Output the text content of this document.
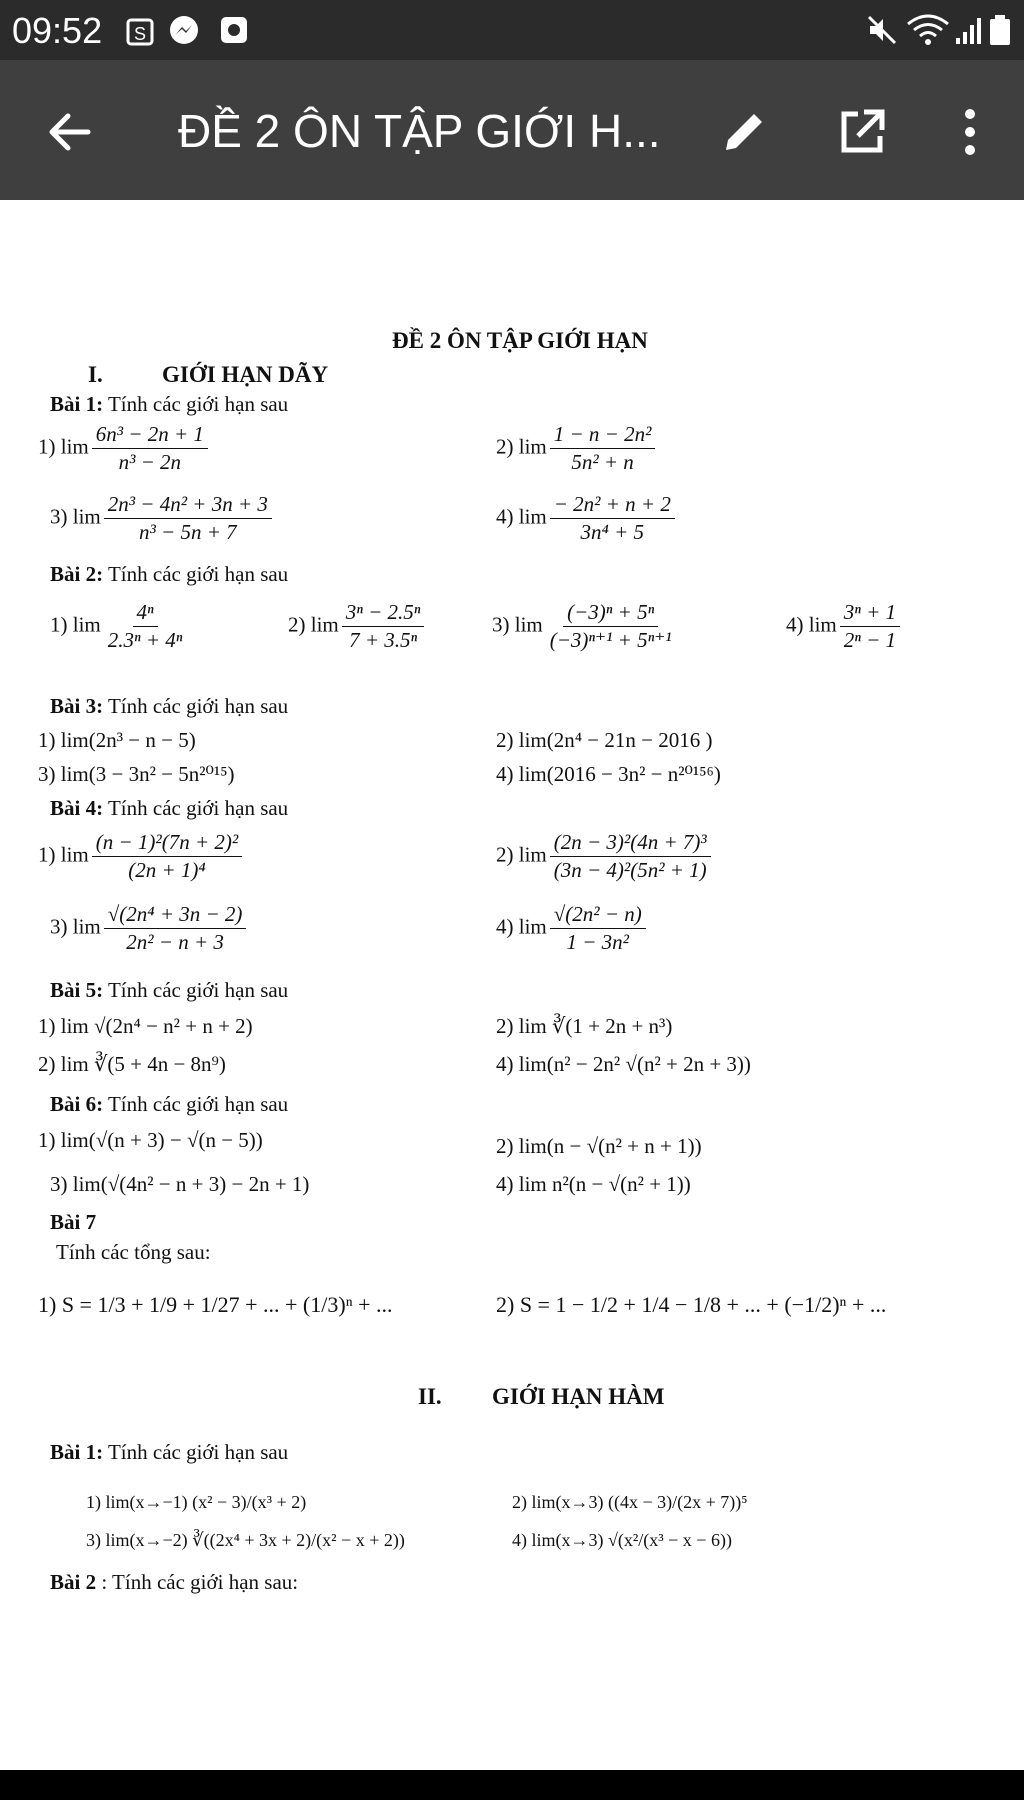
09:52 S
ĐỀ 2 ÔN TẬP GIỚI H...
ĐỀ 2 ÔN TẬP GIỚI HẠN
I.	GIỚI HẠN DÃY
Bài 1: Tính các giới hạn sau
1) $\lim \frac{\text{6n³ − 2n + 1}}{\text{n³ − 2n}}$	2) $\lim \frac{\text{1 − n − 2n²}}{\text{5n² + n}}$
3) $\lim \frac{\text{2n³ − 4n² + 3n + 3}}{\text{n³ − 5n + 7}}$	4) $\lim \frac{\text{− 2n² + n + 2}}{\text{3n⁴ + 5}}$
Bài 2: Tính các giới hạn sau
1) $\lim \frac{\text{4ⁿ}}{\text{2.3ⁿ + 4ⁿ}}$	2) $\lim \frac{\text{3ⁿ − 2.5ⁿ}}{\text{7 + 3.5ⁿ}}$	3) $\lim \frac{\text{(−3)ⁿ + 5ⁿ}}{\text{(−3)ⁿ⁺¹ + 5ⁿ⁺¹}}$	4) $\lim \frac{\text{3ⁿ + 1}}{\text{2ⁿ − 1}}$
Bài 3: Tính các giới hạn sau
1) lim(2n³ − n − 5)	2) lim(2n⁴ − 21n − 2016 )
3) lim(3 − 3n² − 5n²⁰¹⁵)	4) lim(2016 − 3n² − n²⁰¹⁵⁶)
Bài 4: Tính các giới hạn sau
1) $\lim \frac{\text{(n − 1)²(7n + 2)²}}{\text{(2n + 1)⁴}}$	2) $\lim \frac{\text{(2n − 3)²(4n + 7)³}}{\text{(3n − 4)²(5n² + 1)}}$
3) $\lim \frac{\text{√(2n⁴ + 3n − 2)}}{\text{2n² − n + 3}}$	4) $\lim \frac{\text{√(2n² − n)}}{\text{1 − 3n²}}$
Bài 5: Tính các giới hạn sau
1) lim √(2n⁴ − n² + n + 2)	2) lim ∛(1 + 2n + n³)
2) lim ∛(5 + 4n − 8n⁹)	4) lim(n² − 2n² √(n² + 2n + 3))
Bài 6: Tính các giới hạn sau
1) lim(√(n + 3) − √(n − 5))	2) lim(n − √(n² + n + 1))
3) lim(√(4n² − n + 3) − 2n + 1)	4) lim n²(n − √(n² + 1))
Bài 7
Tính các tổng sau:
1) S = 1/3 + 1/9 + 1/27 + ... + (1/3)ⁿ + ...	2) S = 1 − 1/2 + 1/4 − 1/8 + ... + (−1/2)ⁿ + ...
II. GIỚI HẠN HÀM
Bài 1: Tính các giới hạn sau
1) lim(x→−1) (x² − 3)/(x³ + 2)	2) lim(x→3) ((4x − 3)/(2x + 7))⁵
3) lim(x→−2) ∛((2x⁴ + 3x + 2)/(x² − x + 2))	4) lim(x→3) √(x²/(x³ − x − 6))
Bài 2 : Tính các giới hạn sau:
